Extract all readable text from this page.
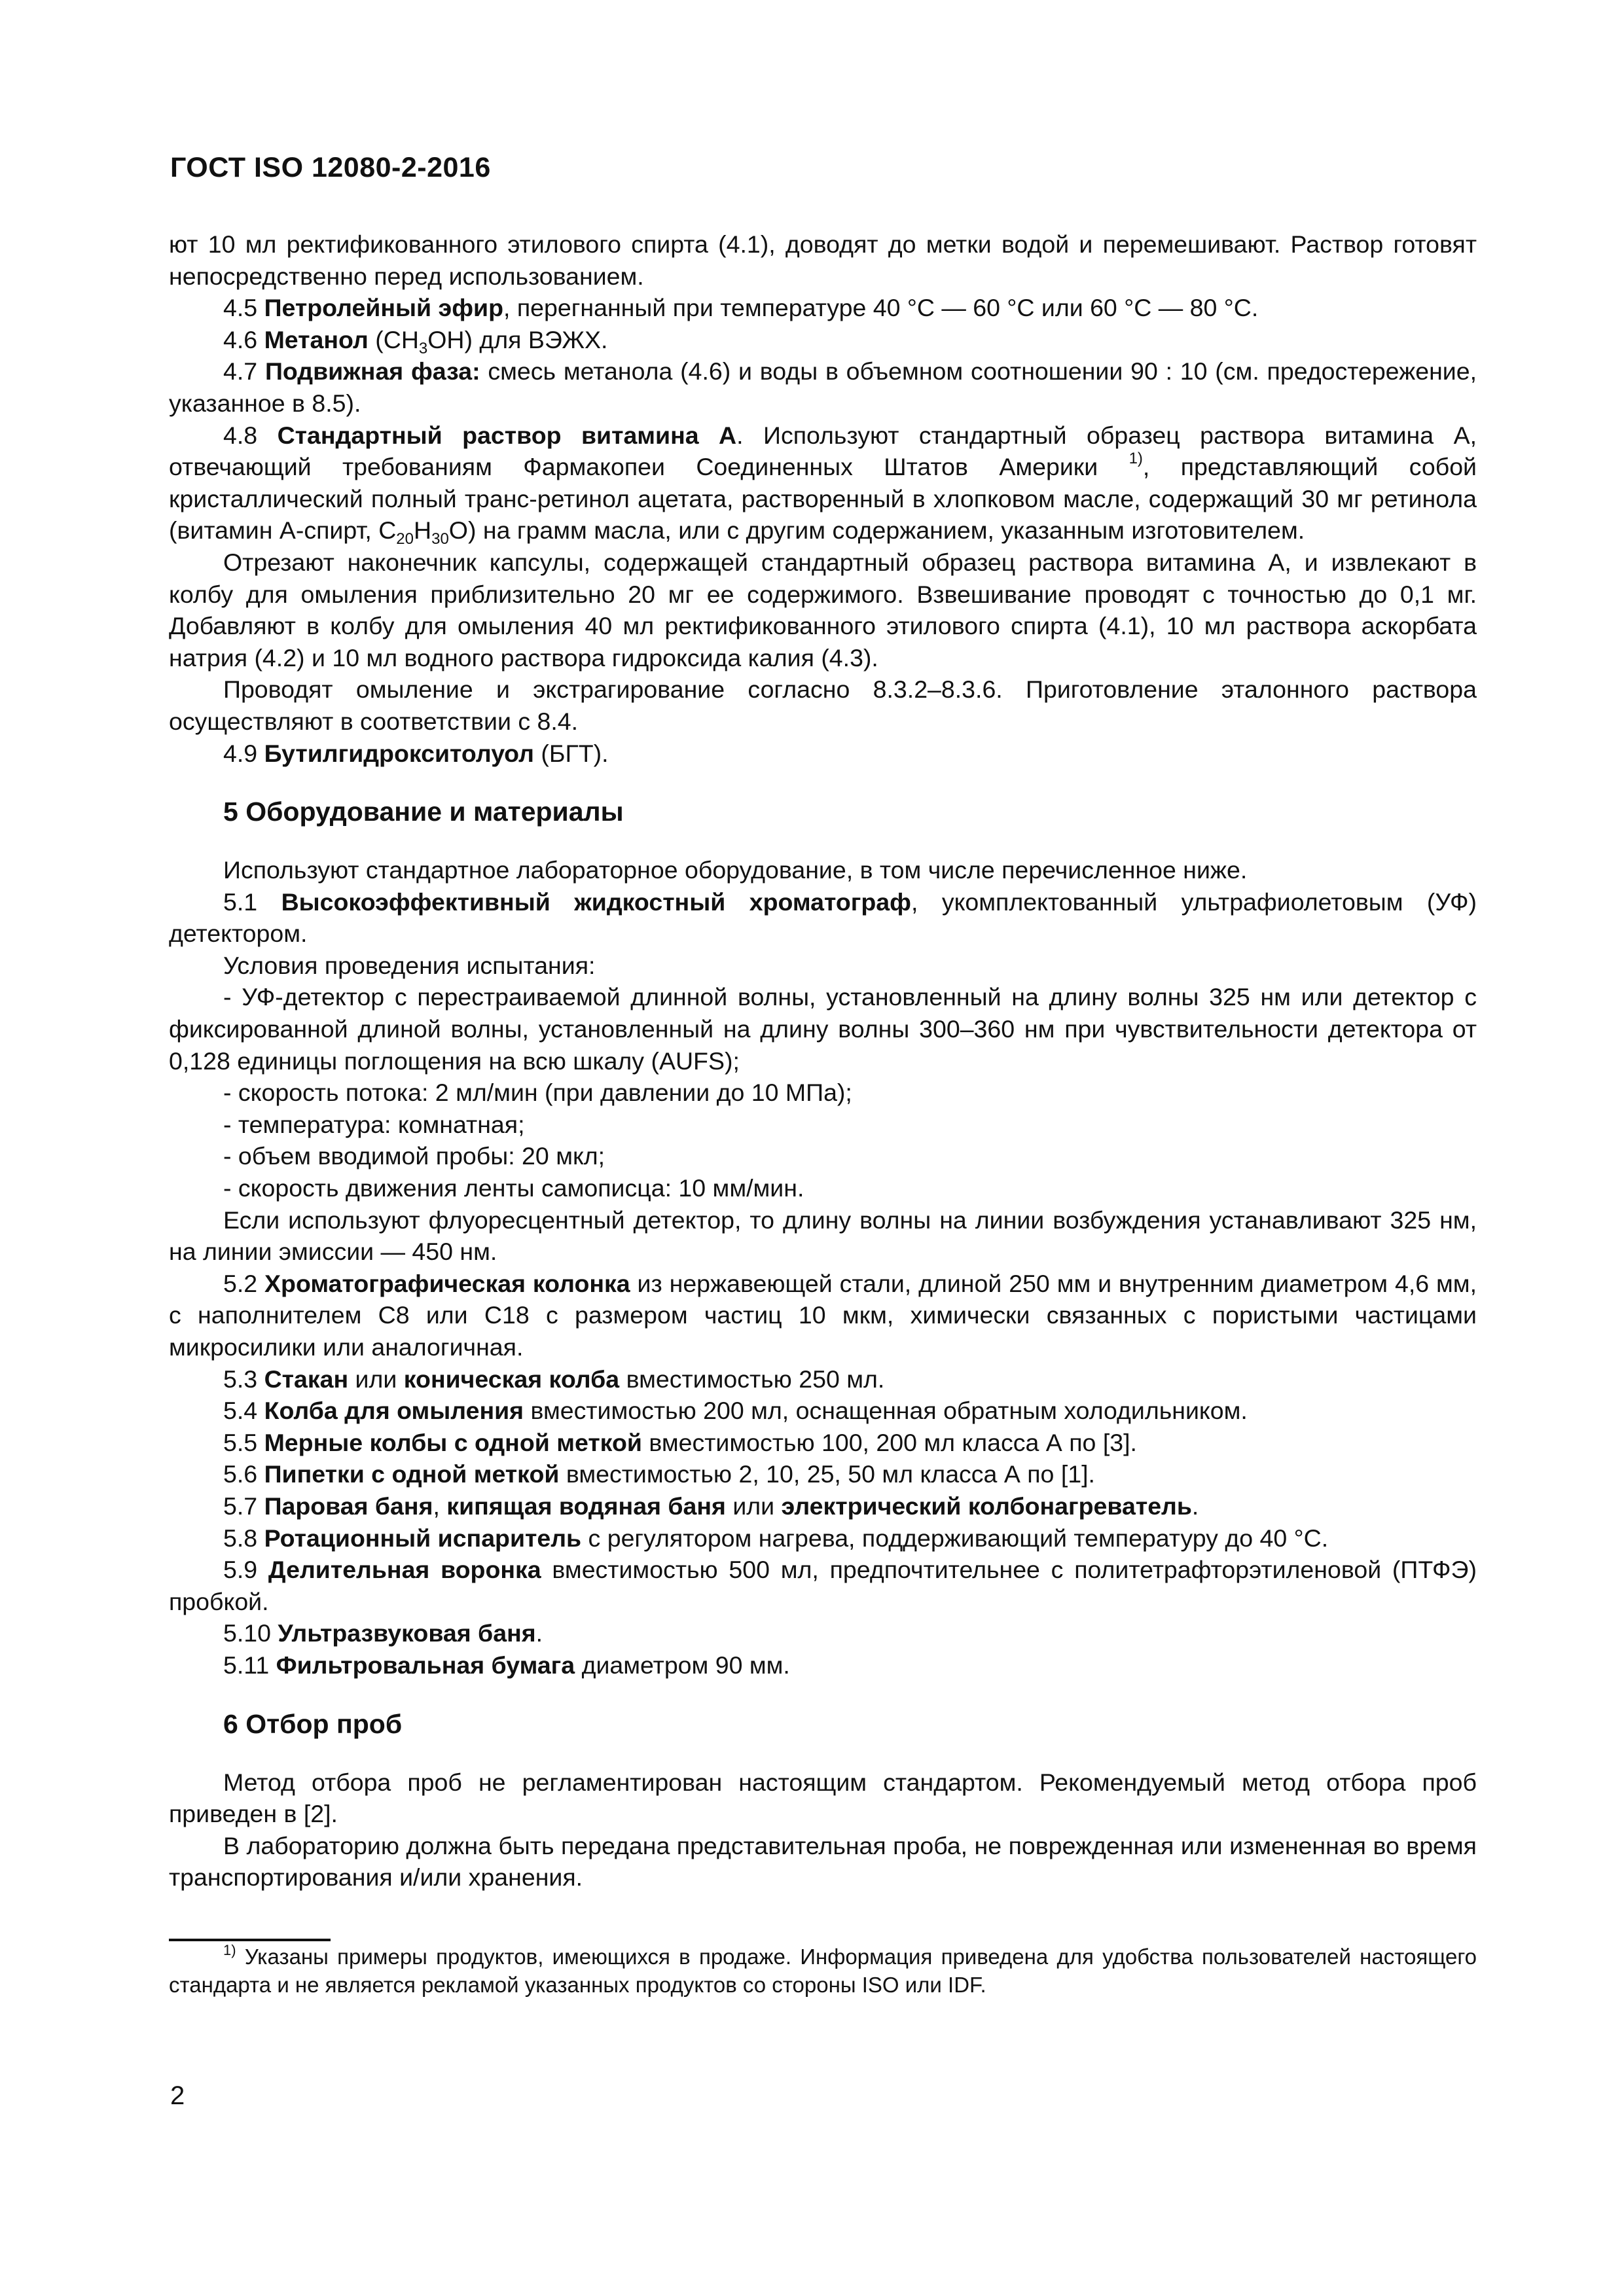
ГОСТ ISO 12080-2-2016

ют 10 мл ректификованного этилового спирта (4.1), доводят до метки водой и перемешивают. Раствор готовят непосредственно перед использованием.

4.5 Петролейный эфир, перегнанный при температуре 40 °С — 60 °С или 60 °С — 80 °С.

4.6 Метанол $(CH_3OH)$ для ВЭЖХ.

4.7 Подвижная фаза: смесь метанола (4.6) и воды в объемном соотношении 90 : 10 (см. предостережение, указанное в 8.5).

4.8 Стандартный раствор витамина А. Используют стандартный образец раствора витамина А, отвечающий требованиям Фармакопеи Соединенных Штатов Америки $^{1)}$, представляющий собой кристаллический полный транс-ретинол ацетата, растворенный в хлопковом масле, содержащий 30 мг ретинола (витамин А-спирт, $C_{20}H_{30}O$) на грамм масла, или с другим содержанием, указанным изготовителем.

Отрезают наконечник капсулы, содержащей стандартный образец раствора витамина А, и извлекают в колбу для омыления приблизительно 20 мг ее содержимого. Взвешивание проводят с точностью до 0,1 мг. Добавляют в колбу для омыления 40 мл ректификованного этилового спирта (4.1), 10 мл раствора аскорбата натрия (4.2) и 10 мл водного раствора гидроксида калия (4.3).

Проводят омыление и экстрагирование согласно 8.3.2–8.3.6. Приготовление эталонного раствора осуществляют в соответствии с 8.4.

4.9 Бутилгидрокситолуол (БГТ).

5 Оборудование и материалы

Используют стандартное лабораторное оборудование, в том числе перечисленное ниже.

5.1 Высокоэффективный жидкостный хроматограф, укомплектованный ультрафиолетовым (УФ) детектором.

Условия проведения испытания:

- УФ-детектор с перестраиваемой длинной волны, установленный на длину волны 325 нм или детектор с фиксированной длиной волны, установленный на длину волны 300–360 нм при чувствительности детектора от 0,128 единицы поглощения на всю шкалу (AUFS);

- скорость потока: 2 мл/мин (при давлении до 10 МПа);

- температура: комнатная;

- объем вводимой пробы: 20 мкл;

- скорость движения ленты самописца: 10 мм/мин.

Если используют флуоресцентный детектор, то длину волны на линии возбуждения устанавливают 325 нм, на линии эмиссии — 450 нм.

5.2 Хроматографическая колонка из нержавеющей стали, длиной 250 мм и внутренним диаметром 4,6 мм, с наполнителем С8 или С18 с размером частиц 10 мкм, химически связанных с пористыми частицами микросилики или аналогичная.

5.3 Стакан или коническая колба вместимостью 250 мл.

5.4 Колба для омыления вместимостью 200 мл, оснащенная обратным холодильником.

5.5 Мерные колбы с одной меткой вместимостью 100, 200 мл класса А по [3].

5.6 Пипетки с одной меткой вместимостью 2, 10, 25, 50 мл класса А по [1].

5.7 Паровая баня, кипящая водяная баня или электрический колбонагреватель.

5.8 Ротационный испаритель с регулятором нагрева, поддерживающий температуру до 40 °С.

5.9 Делительная воронка вместимостью 500 мл, предпочтительнее с политетрафторэтиленовой (ПТФЭ) пробкой.

5.10 Ультразвуковая баня.

5.11 Фильтровальная бумага диаметром 90 мм.

6 Отбор проб

Метод отбора проб не регламентирован настоящим стандартом. Рекомендуемый метод отбора проб приведен в [2].

В лабораторию должна быть передана представительная проба, не поврежденная или измененная во время транспортирования и/или хранения.

$^{1)}$ Указаны примеры продуктов, имеющихся в продаже. Информация приведена для удобства пользователей настоящего стандарта и не является рекламой указанных продуктов со стороны ISO или IDF.
2
